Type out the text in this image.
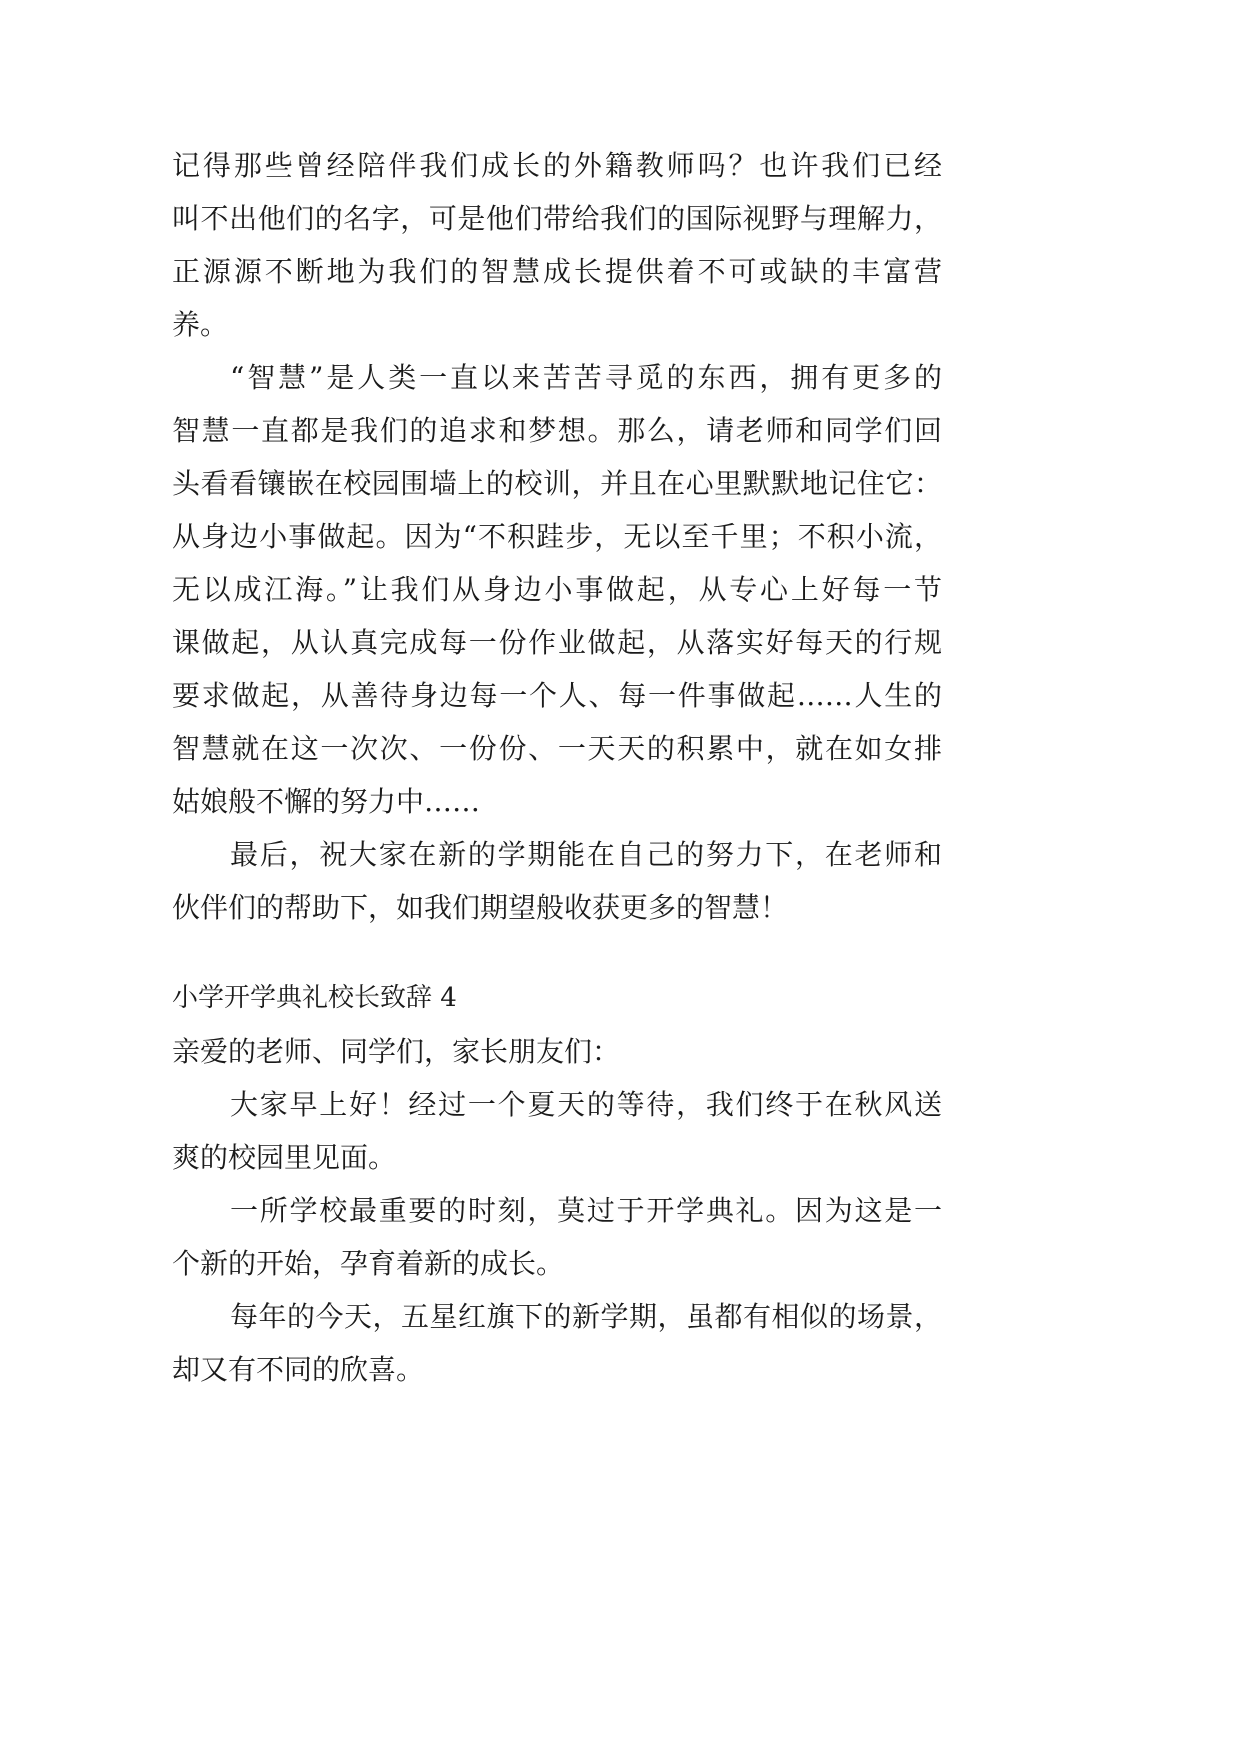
记得那些曾经陪伴我们成长的外籍教师吗？也许我们已经
叫不出他们的名字，可是他们带给我们的国际视野与理解力，
正源源不断地为我们的智慧成长提供着不可或缺的丰富营
养。
“智慧”是人类一直以来苦苦寻觅的东西，拥有更多的
智慧一直都是我们的追求和梦想。那么，请老师和同学们回
头看看镶嵌在校园围墙上的校训，并且在心里默默地记住它：
从身边小事做起。因为“不积跬步，无以至千里；不积小流，
无以成江海。”让我们从身边小事做起，从专心上好每一节
课做起，从认真完成每一份作业做起，从落实好每天的行规
要求做起，从善待身边每一个人、每一件事做起……人生的
智慧就在这一次次、一份份、一天天的积累中，就在如女排
姑娘般不懈的努力中……
最后，祝大家在新的学期能在自己的努力下，在老师和
伙伴们的帮助下，如我们期望般收获更多的智慧！
小学开学典礼校长致辞 4
亲爱的老师、同学们，家长朋友们：
大家早上好！经过一个夏天的等待，我们终于在秋风送
爽的校园里见面。
一所学校最重要的时刻，莫过于开学典礼。因为这是一
个新的开始，孕育着新的成长。
每年的今天，五星红旗下的新学期，虽都有相似的场景，
却又有不同的欣喜。
